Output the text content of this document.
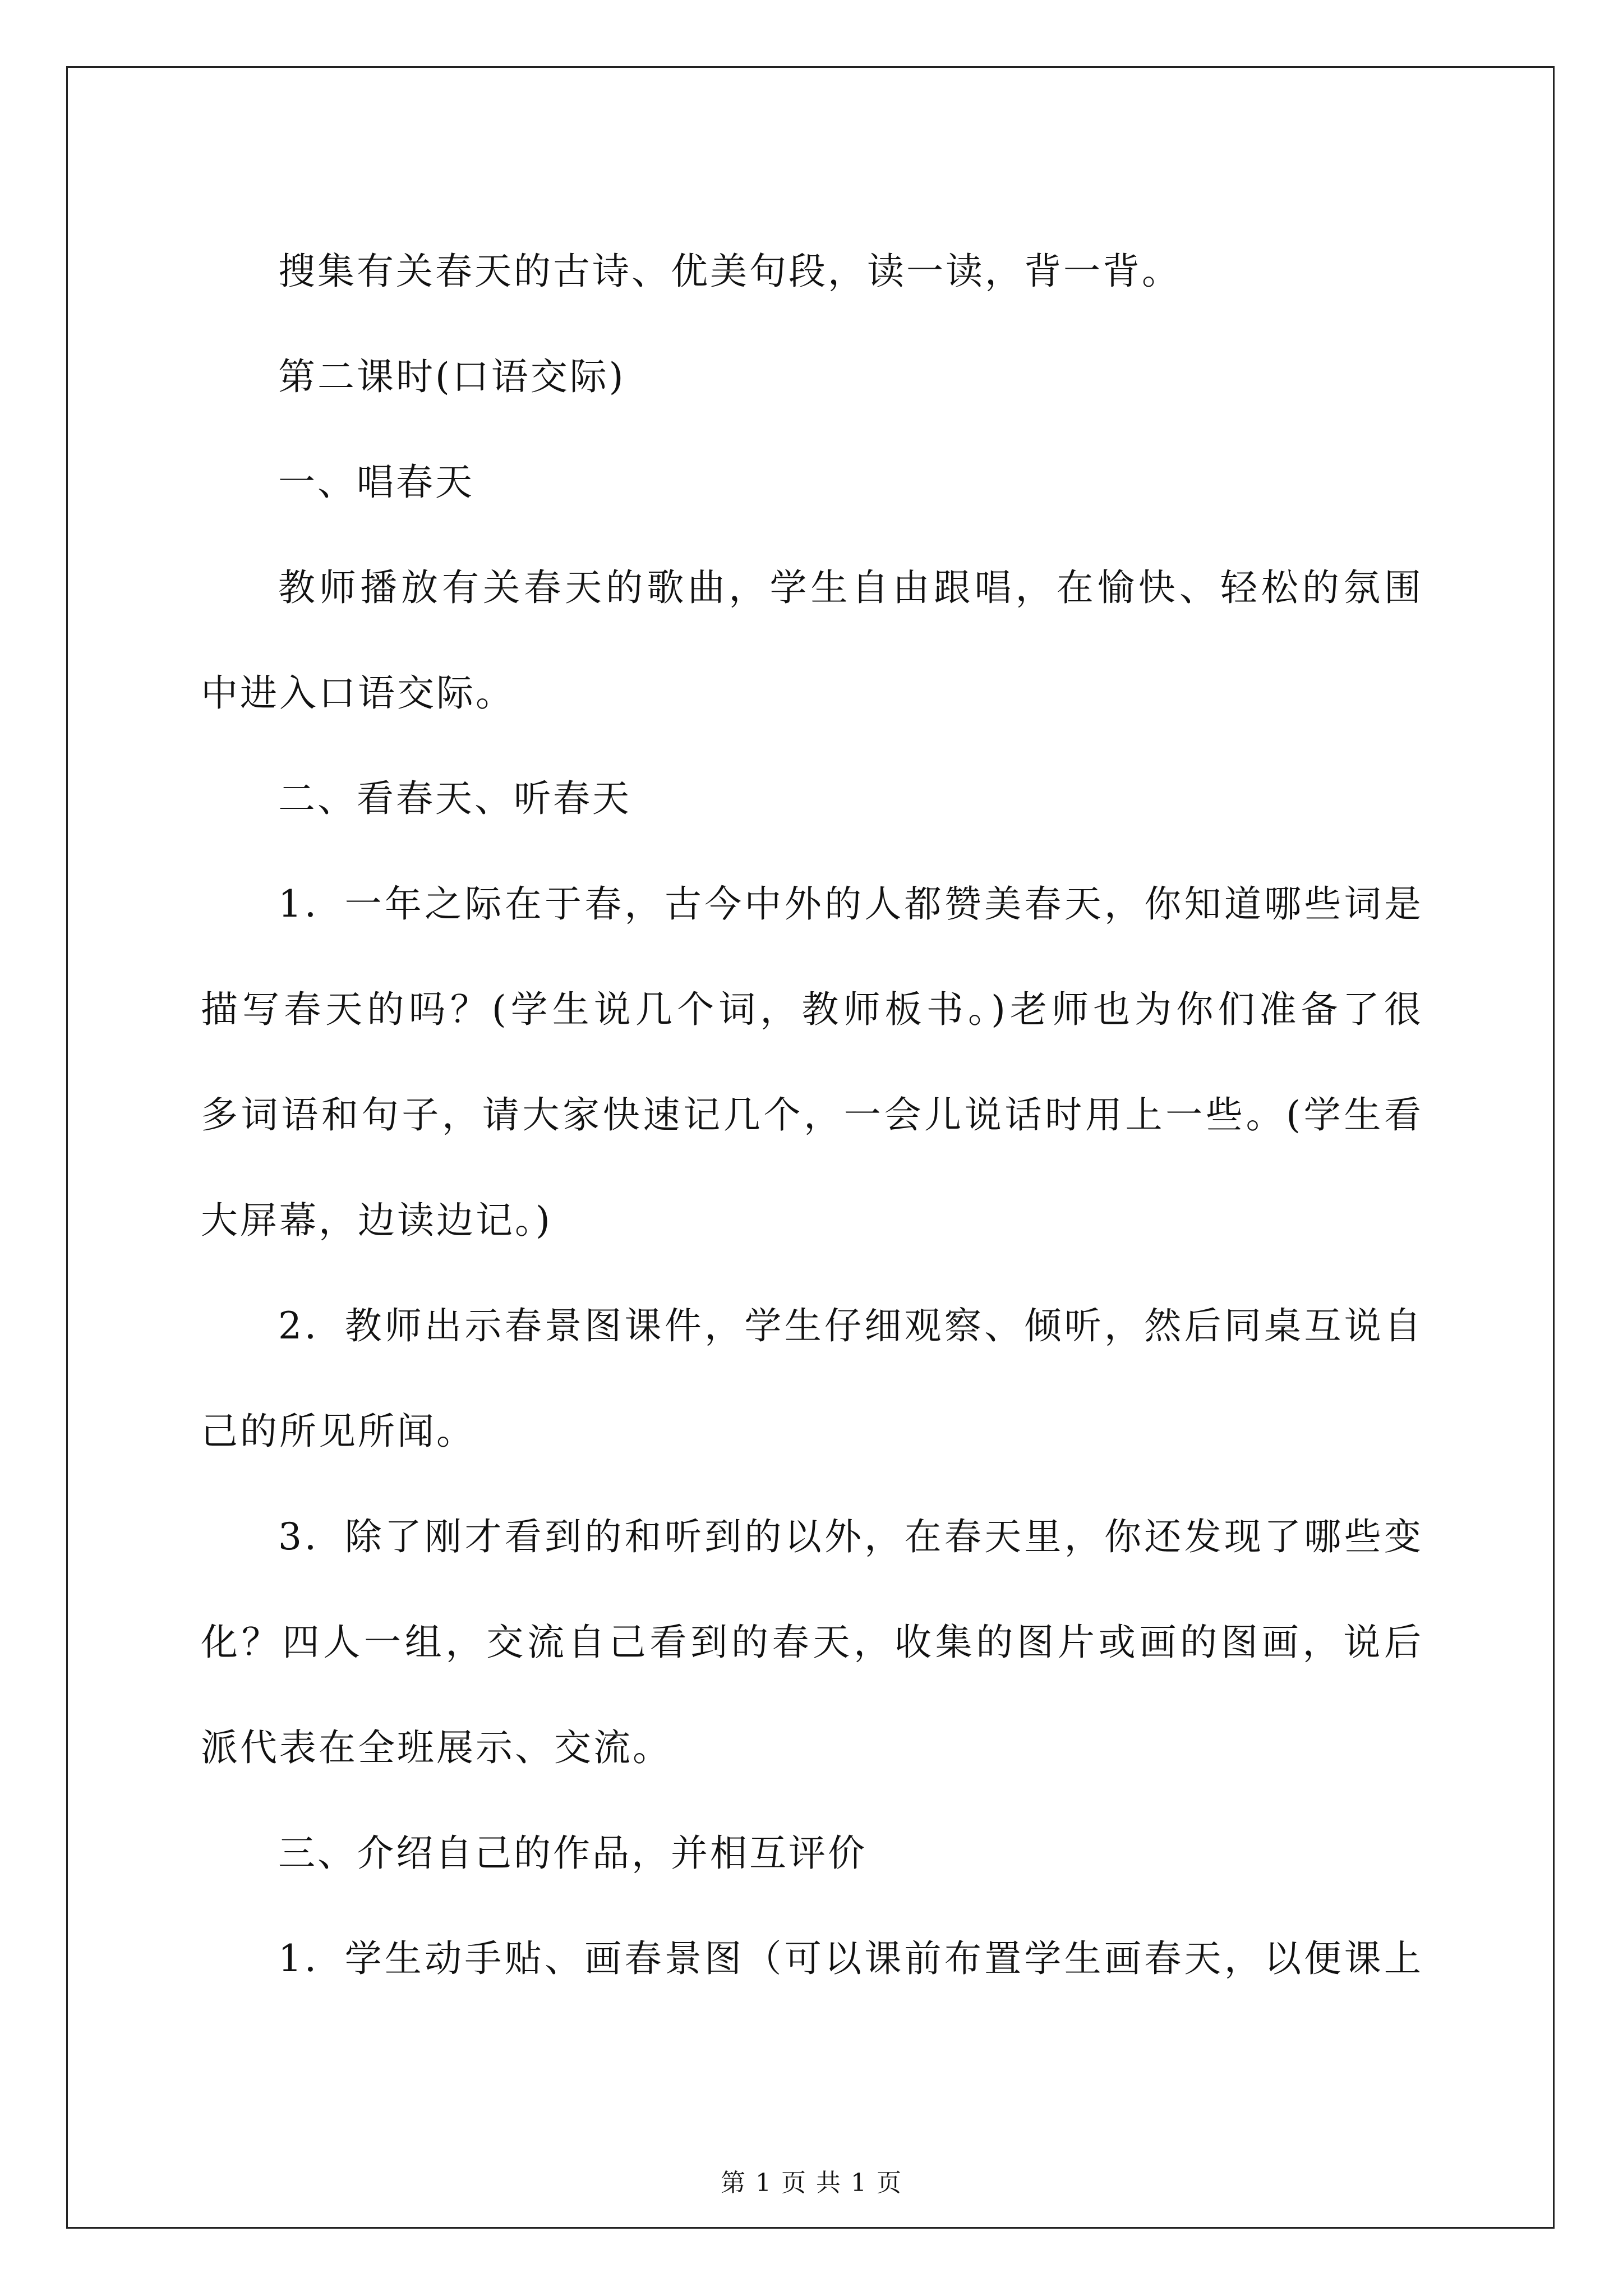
搜集有关春天的古诗、优美句段，读一读，背一背。

第二课时(口语交际)

一、唱春天

教师播放有关春天的歌曲，学生自由跟唱，在愉快、轻松的氛围
中进入口语交际。

二、看春天、听春天

1．一年之际在于春，古今中外的人都赞美春天，你知道哪些词是
描写春天的吗？(学生说几个词，教师板书。)老师也为你们准备了很
多词语和句子，请大家快速记几个，一会儿说话时用上一些。(学生看
大屏幕，边读边记。)
2．教师出示春景图课件，学生仔细观察、倾听，然后同桌互说自
己的所见所闻。
3．除了刚才看到的和听到的以外，在春天里，你还发现了哪些变
化？四人一组，交流自己看到的春天，收集的图片或画的图画，说后
派代表在全班展示、交流。

三、介绍自己的作品，并相互评价

1．学生动手贴、画春景图（可以课前布置学生画春天，以便课上
第 1 页 共 1 页
